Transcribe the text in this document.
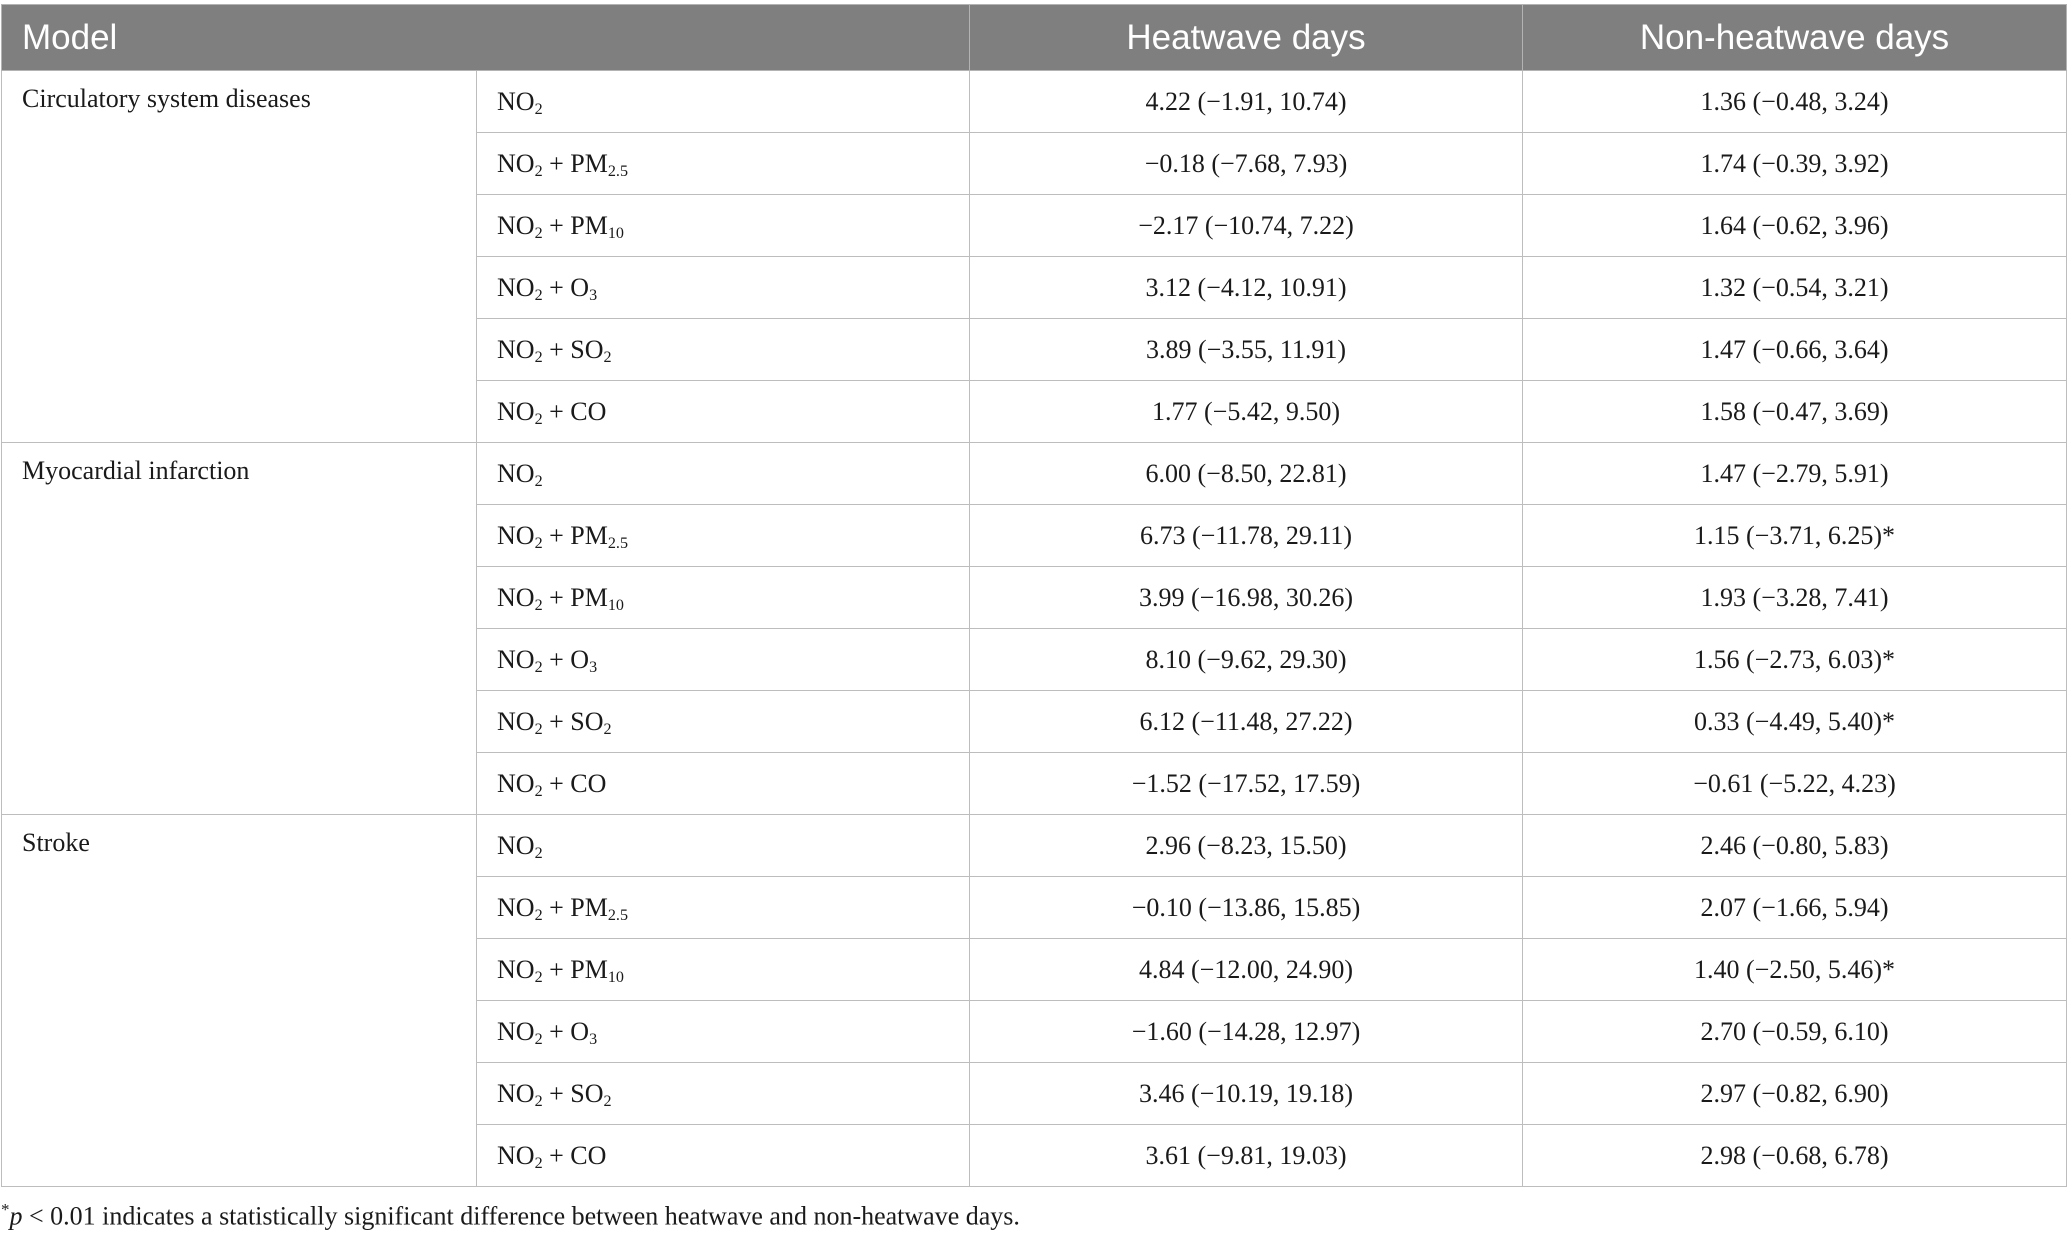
Model		Heatwave days	Non-heatwave days
Circulatory system diseases	$NO_2$	4.22 (−1.91, 10.74)	1.36 (−0.48, 3.24)
	$NO_2 + PM_{2.5}$	−0.18 (−7.68, 7.93)	1.74 (−0.39, 3.92)
	$NO_2 + PM_{10}$	−2.17 (−10.74, 7.22)	1.64 (−0.62, 3.96)
	$NO_2 + O_3$	3.12 (−4.12, 10.91)	1.32 (−0.54, 3.21)
	$NO_2 + SO_2$	3.89 (−3.55, 11.91)	1.47 (−0.66, 3.64)
	$NO_2$ + CO	1.77 (−5.42, 9.50)	1.58 (−0.47, 3.69)
Myocardial infarction	$NO_2$	6.00 (−8.50, 22.81)	1.47 (−2.79, 5.91)
	$NO_2 + PM_{2.5}$	6.73 (−11.78, 29.11)	1.15 (−3.71, 6.25)*
	$NO_2 + PM_{10}$	3.99 (−16.98, 30.26)	1.93 (−3.28, 7.41)
	$NO_2 + O_3$	8.10 (−9.62, 29.30)	1.56 (−2.73, 6.03)*
	$NO_2 + SO_2$	6.12 (−11.48, 27.22)	0.33 (−4.49, 5.40)*
	$NO_2$ + CO	−1.52 (−17.52, 17.59)	−0.61 (−5.22, 4.23)
Stroke	$NO_2$	2.96 (−8.23, 15.50)	2.46 (−0.80, 5.83)
	$NO_2 + PM_{2.5}$	−0.10 (−13.86, 15.85)	2.07 (−1.66, 5.94)
	$NO_2 + PM_{10}$	4.84 (−12.00, 24.90)	1.40 (−2.50, 5.46)*
	$NO_2 + O_3$	−1.60 (−14.28, 12.97)	2.70 (−0.59, 6.10)
	$NO_2 + SO_2$	3.46 (−10.19, 19.18)	2.97 (−0.82, 6.90)
	$NO_2$ + CO	3.61 (−9.81, 19.03)	2.98 (−0.68, 6.78)
*p < 0.01 indicates a statistically significant difference between heatwave and non-heatwave days.
